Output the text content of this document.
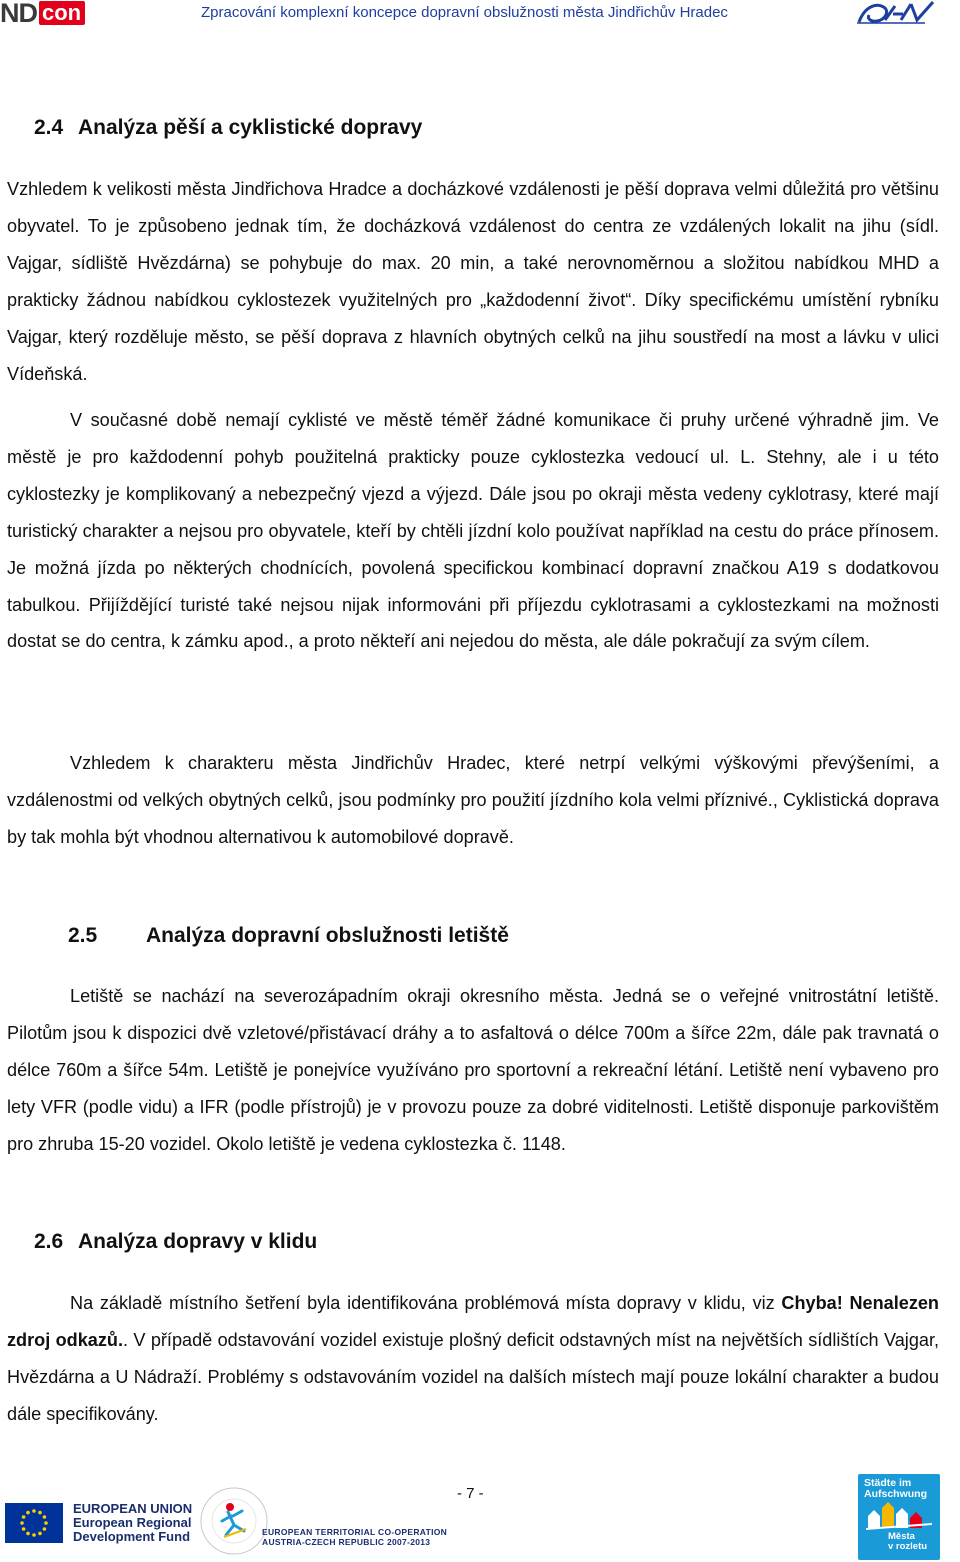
ND con	Zpracování komplexní koncepce dopravní obslužnosti města Jindřichův Hradec
2.4 Analýza pěší a cyklistické dopravy

Vzhledem k velikosti města Jindřichova Hradce a docházkové vzdálenosti je pěší doprava velmi důležitá pro většinu obyvatel. To je způsobeno jednak tím, že docházková vzdálenost do centra ze vzdálených lokalit na jihu (sídl. Vajgar, sídliště Hvězdárna) se pohybuje do max. 20 min, a také nerovnoměrnou a složitou nabídkou MHD a prakticky žádnou nabídkou cyklostezek využitelných pro „každodenní život“. Díky specifickému umístění rybníku Vajgar, který rozděluje město, se pěší doprava z hlavních obytných celků na jihu soustředí na most a lávku v ulici Vídeňská.

V současné době nemají cyklisté ve městě téměř žádné komunikace či pruhy určené výhradně jim. Ve městě je pro každodenní pohyb použitelná prakticky pouze cyklostezka vedoucí ul. L. Stehny, ale i u této cyklostezky je komplikovaný a nebezpečný vjezd a výjezd. Dále jsou po okraji města vedeny cyklotrasy, které mají turistický charakter a nejsou pro obyvatele, kteří by chtěli jízdní kolo používat například na cestu do práce přínosem. Je možná jízda po některých chodnících, povolená specifickou kombinací dopravní značkou A19 s dodatkovou tabulkou. Přijíždějící turisté také nejsou nijak informováni při příjezdu cyklotrasami a cyklostezkami na možnosti dostat se do centra, k zámku apod., a proto někteří ani nejedou do města, ale dále pokračují za svým cílem.

Vzhledem k charakteru města Jindřichův Hradec, které netrpí velkými výškovými převýšeními, a vzdálenostmi od velkých obytných celků, jsou podmínky pro použití jízdního kola velmi příznivé., Cyklistická doprava by tak mohla být vhodnou alternativou k automobilové dopravě.

2.5 Analýza dopravní obslužnosti letiště

Letiště se nachází na severozápadním okraji okresního města. Jedná se o veřejné vnitrostátní letiště. Pilotům jsou k dispozici dvě vzletové/přistávací dráhy a to asfaltová o délce 700m a šířce 22m, dále pak travnatá o délce 760m a šířce 54m. Letiště je ponejvíce využíváno pro sportovní a rekreační létání. Letiště není vybaveno pro lety VFR (podle vidu) a IFR (podle přístrojů) je v provozu pouze za dobré viditelnosti. Letiště disponuje parkovištěm pro zhruba 15-20 vozidel. Okolo letiště je vedena cyklostezka č. 1148.

2.6 Analýza dopravy v klidu

Na základě místního šetření byla identifikována problémová místa dopravy v klidu, viz Chyba! Nenalezen zdroj odkazů.. V případě odstavování vozidel existuje plošný deficit odstavných míst na největších sídlištích Vajgar, Hvězdárna a U Nádraží. Problémy s odstavováním vozidel na dalších místech mají pouze lokální charakter a budou dále specifikovány.

- 7 -
EUROPEAN UNION
European Regional
Development Fund	EUROPEAN TERRITORIAL CO-OPERATION
AUSTRIA-CZECH REPUBLIC 2007-2013
Städte im
Aufschwung
Města
v rozletu
